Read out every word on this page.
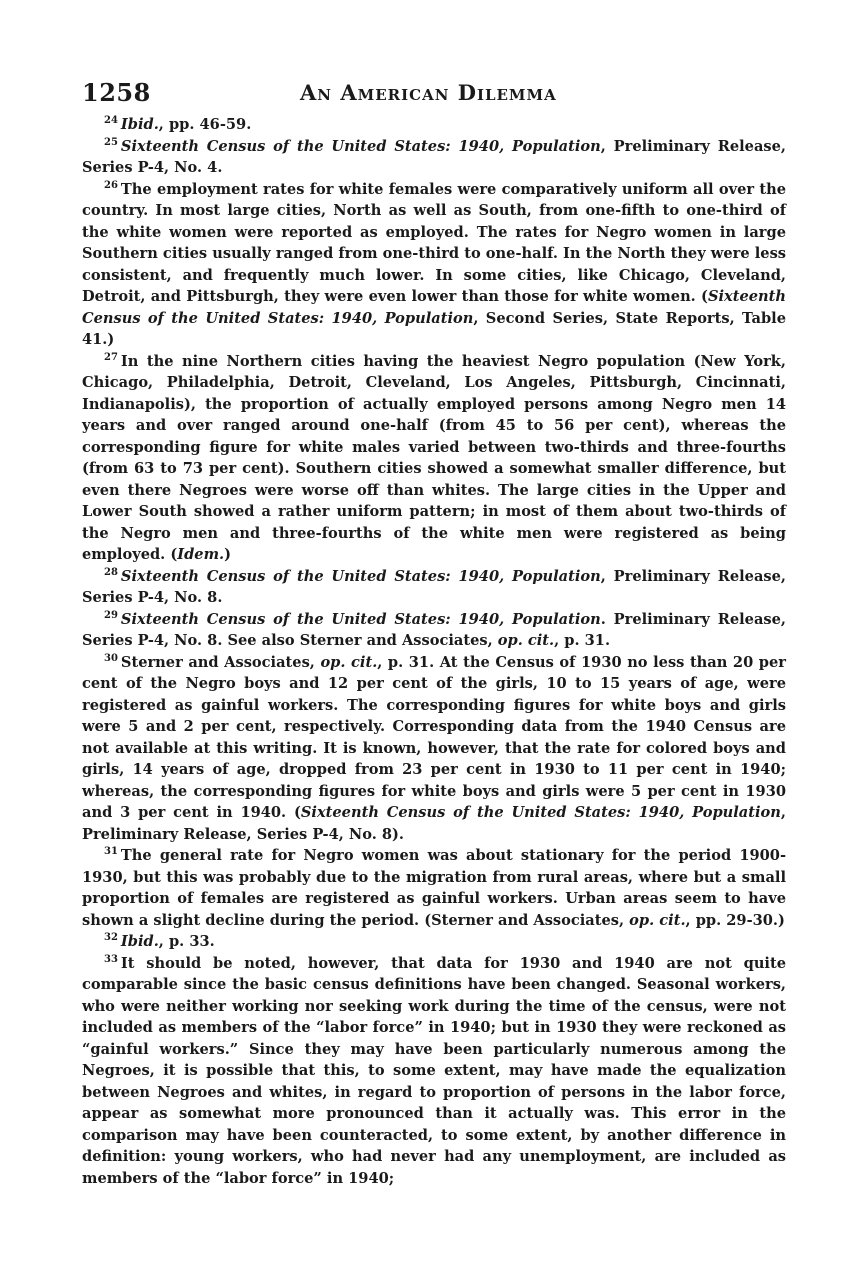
1258	An American Dilemma

$^{24}$ Ibid., pp. 46-59.

$^{25}$ Sixteenth Census of the United States: 1940, Population, Preliminary Release, Series P-4, No. 4.

$^{26}$ The employment rates for white females were comparatively uniform all over the country. In most large cities, North as well as South, from one-fifth to one-third of the white women were reported as employed. The rates for Negro women in large Southern cities usually ranged from one-third to one-half. In the North they were less consistent, and frequently much lower. In some cities, like Chicago, Cleveland, Detroit, and Pittsburgh, they were even lower than those for white women. (Sixteenth Census of the United States: 1940, Population, Second Series, State Reports, Table 41.)

$^{27}$ In the nine Northern cities having the heaviest Negro population (New York, Chicago, Philadelphia, Detroit, Cleveland, Los Angeles, Pittsburgh, Cincinnati, Indianapolis), the proportion of actually employed persons among Negro men 14 years and over ranged around one-half (from 45 to 56 per cent), whereas the corresponding figure for white males varied between two-thirds and three-fourths (from 63 to 73 per cent). Southern cities showed a somewhat smaller difference, but even there Negroes were worse off than whites. The large cities in the Upper and Lower South showed a rather uniform pattern; in most of them about two-thirds of the Negro men and three-fourths of the white men were registered as being employed. (Idem.)

$^{28}$ Sixteenth Census of the United States: 1940, Population, Preliminary Release, Series P-4, No. 8.

$^{29}$ Sixteenth Census of the United States: 1940, Population. Preliminary Release, Series P-4, No. 8. See also Sterner and Associates, op. cit., p. 31.

$^{30}$ Sterner and Associates, op. cit., p. 31. At the Census of 1930 no less than 20 per cent of the Negro boys and 12 per cent of the girls, 10 to 15 years of age, were registered as gainful workers. The corresponding figures for white boys and girls were 5 and 2 per cent, respectively. Corresponding data from the 1940 Census are not available at this writing. It is known, however, that the rate for colored boys and girls, 14 years of age, dropped from 23 per cent in 1930 to 11 per cent in 1940; whereas, the corresponding figures for white boys and girls were 5 per cent in 1930 and 3 per cent in 1940. (Sixteenth Census of the United States: 1940, Population, Preliminary Release, Series P-4, No. 8).

$^{31}$ The general rate for Negro women was about stationary for the period 1900-1930, but this was probably due to the migration from rural areas, where but a small proportion of females are registered as gainful workers. Urban areas seem to have shown a slight decline during the period. (Sterner and Associates, op. cit., pp. 29-30.)

$^{32}$ Ibid., p. 33.

$^{33}$ It should be noted, however, that data for 1930 and 1940 are not quite comparable since the basic census definitions have been changed. Seasonal workers, who were neither working nor seeking work during the time of the census, were not included as members of the “labor force” in 1940; but in 1930 they were reckoned as “gainful workers.” Since they may have been particularly numerous among the Negroes, it is possible that this, to some extent, may have made the equalization between Negroes and whites, in regard to proportion of persons in the labor force, appear as somewhat more pronounced than it actually was. This error in the comparison may have been counteracted, to some extent, by another difference in definition: young workers, who had never had any unemployment, are included as members of the “labor force” in 1940;
